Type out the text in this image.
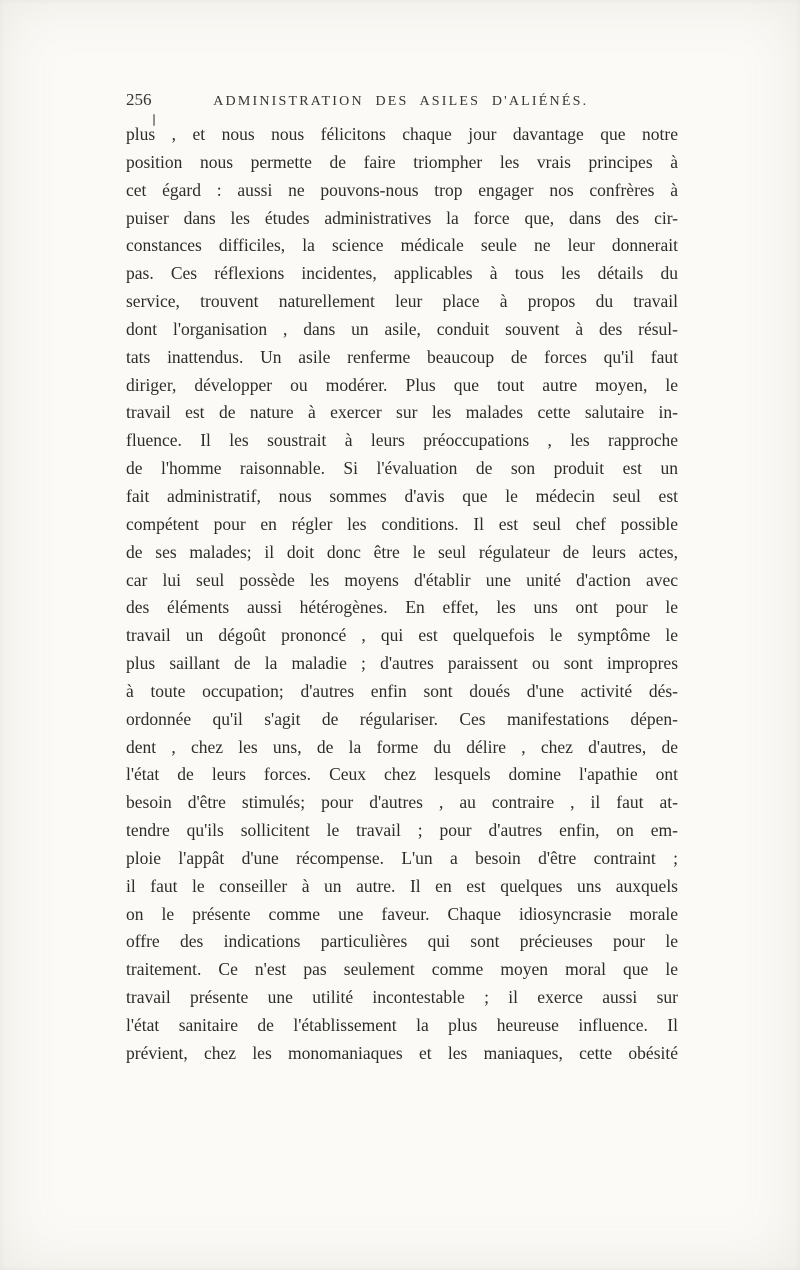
256	ADMINISTRATION DES ASILES D'ALIÉNÉS.
plus , et nous nous félicitons chaque jour davantage que notre
position nous permette de faire triompher les vrais principes à
cet égard : aussi ne pouvons-nous trop engager nos confrères à
puiser dans les études administratives la force que, dans des cir-
constances difficiles, la science médicale seule ne leur donnerait
pas. Ces réflexions incidentes, applicables à tous les détails du
service, trouvent naturellement leur place à propos du travail
dont l'organisation , dans un asile, conduit souvent à des résul-
tats inattendus. Un asile renferme beaucoup de forces qu'il faut
diriger, développer ou modérer. Plus que tout autre moyen, le
travail est de nature à exercer sur les malades cette salutaire in-
fluence. Il les soustrait à leurs préoccupations , les rapproche
de l'homme raisonnable. Si l'évaluation de son produit est un
fait administratif, nous sommes d'avis que le médecin seul est
compétent pour en régler les conditions. Il est seul chef possible
de ses malades; il doit donc être le seul régulateur de leurs actes,
car lui seul possède les moyens d'établir une unité d'action avec
des éléments aussi hétérogènes. En effet, les uns ont pour le
travail un dégoût prononcé , qui est quelquefois le symptôme le
plus saillant de la maladie ; d'autres paraissent ou sont impropres
à toute occupation; d'autres enfin sont doués d'une activité dés-
ordonnée qu'il s'agit de régulariser. Ces manifestations dépen-
dent , chez les uns, de la forme du délire , chez d'autres, de
l'état de leurs forces. Ceux chez lesquels domine l'apathie ont
besoin d'être stimulés; pour d'autres , au contraire , il faut at-
tendre qu'ils sollicitent le travail ; pour d'autres enfin, on em-
ploie l'appât d'une récompense. L'un a besoin d'être contraint ;
il faut le conseiller à un autre. Il en est quelques uns auxquels
on le présente comme une faveur. Chaque idiosyncrasie morale
offre des indications particulières qui sont précieuses pour le
traitement. Ce n'est pas seulement comme moyen moral que le
travail présente une utilité incontestable ; il exerce aussi sur
l'état sanitaire de l'établissement la plus heureuse influence. Il
prévient, chez les monomaniaques et les maniaques, cette obésité
